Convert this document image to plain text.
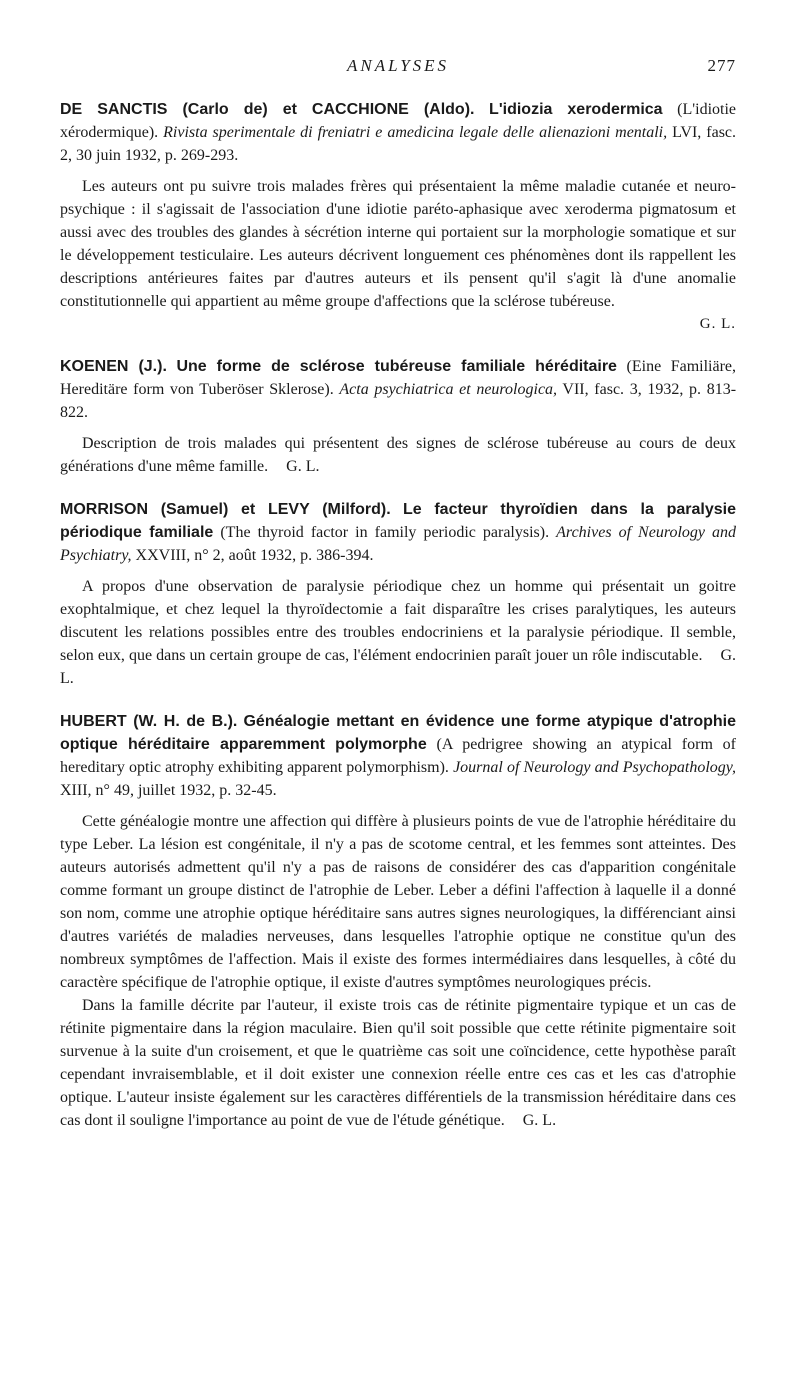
ANALYSES	277

DE SANCTIS (Carlo de) et CACCHIONE (Aldo). L'idiozia xerodermica (L'idiotie xérodermique). Rivista sperimentale di freniatri e amedicina legale delle alienazioni mentali, LVI, fasc. 2, 30 juin 1932, p. 269-293.

Les auteurs ont pu suivre trois malades frères qui présentaient la même maladie cutanée et neuro-psychique : il s'agissait de l'association d'une idiotie paréto-aphasique avec xeroderma pigmatosum et aussi avec des troubles des glandes à sécrétion interne qui portaient sur la morphologie somatique et sur le développement testiculaire. Les auteurs décrivent longuement ces phénomènes dont ils rappellent les descriptions antérieures faites par d'autres auteurs et ils pensent qu'il s'agit là d'une anomalie constitutionnelle qui appartient au même groupe d'affections que la sclérose tubéreuse.

G. L.

KOENEN (J.). Une forme de sclérose tubéreuse familiale héréditaire (Eine Familiäre, Hereditäre form von Tuberöser Sklerose). Acta psychiatrica et neurologica, VII, fasc. 3, 1932, p. 813-822.

Description de trois malades qui présentent des signes de sclérose tubéreuse au cours de deux générations d'une même famille. G. L.

MORRISON (Samuel) et LEVY (Milford). Le facteur thyroïdien dans la paralysie périodique familiale (The thyroid factor in family periodic paralysis). Archives of Neurology and Psychiatry, XXVIII, n° 2, août 1932, p. 386-394.

A propos d'une observation de paralysie périodique chez un homme qui présentait un goitre exophtalmique, et chez lequel la thyroïdectomie a fait disparaître les crises paralytiques, les auteurs discutent les relations possibles entre des troubles endocriniens et la paralysie périodique. Il semble, selon eux, que dans un certain groupe de cas, l'élément endocrinien paraît jouer un rôle indiscutable. G. L.

HUBERT (W. H. de B.). Généalogie mettant en évidence une forme atypique d'atrophie optique héréditaire apparemment polymorphe (A pedrigree showing an atypical form of hereditary optic atrophy exhibiting apparent polymorphism). Journal of Neurology and Psychopathology, XIII, n° 49, juillet 1932, p. 32-45.

Cette généalogie montre une affection qui diffère à plusieurs points de vue de l'atrophie héréditaire du type Leber. La lésion est congénitale, il n'y a pas de scotome central, et les femmes sont atteintes. Des auteurs autorisés admettent qu'il n'y a pas de raisons de considérer des cas d'apparition congénitale comme formant un groupe distinct de l'atrophie de Leber. Leber a défini l'affection à laquelle il a donné son nom, comme une atrophie optique héréditaire sans autres signes neurologiques, la différenciant ainsi d'autres variétés de maladies nerveuses, dans lesquelles l'atrophie optique ne constitue qu'un des nombreux symptômes de l'affection. Mais il existe des formes intermédiaires dans lesquelles, à côté du caractère spécifique de l'atrophie optique, il existe d'autres symptômes neurologiques précis.

Dans la famille décrite par l'auteur, il existe trois cas de rétinite pigmentaire typique et un cas de rétinite pigmentaire dans la région maculaire. Bien qu'il soit possible que cette rétinite pigmentaire soit survenue à la suite d'un croisement, et que le quatrième cas soit une coïncidence, cette hypothèse paraît cependant invraisemblable, et il doit exister une connexion réelle entre ces cas et les cas d'atrophie optique. L'auteur insiste également sur les caractères différentiels de la transmission héréditaire dans ces cas dont il souligne l'importance au point de vue de l'étude génétique. G. L.
